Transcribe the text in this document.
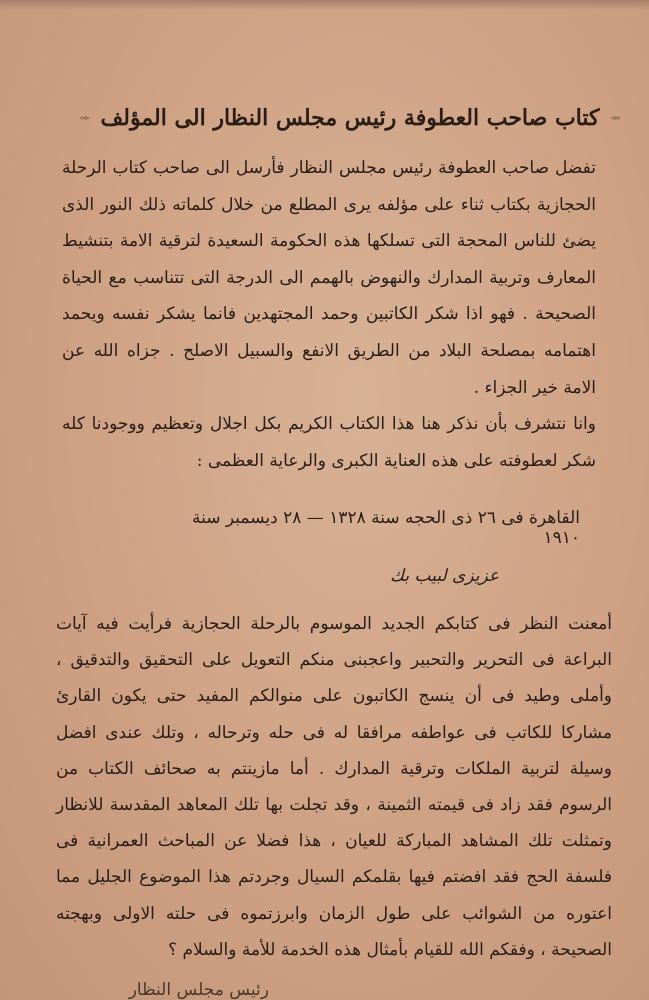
كتاب صاحب العطوفة رئيس مجلس النظار الى المؤلف

تفضل صاحب العطوفة رئيس مجلس النظار فأرسل الى صاحب كتاب الرحلة الحجازية بكتاب ثناء على مؤلفه يرى المطلع من خلال كلماته ذلك النور الذى يضئ للناس المحجة التى تسلكها هذه الحكومة السعيدة لترقية الامة بتنشيط المعارف وتربية المدارك والنهوض بالهمم الى الدرجة التى تتناسب مع الحياة الصحيحة . فهو اذا شكر الكاتبين وحمد المجتهدين فانما يشكر نفسه ويحمد اهتمامه بمصلحة البلاد من الطريق الانفع والسبيل الاصلح . جزاه الله عن الامة خير الجزاء .

وانا نتشرف بأن نذكر هنا هذا الكتاب الكريم بكل اجلال وتعظيم ووجودنا كله شكر لعطوفته على هذه العناية الكبرى والرعاية العظمى :

القاهرة فى ٢٦ ذى الحجه سنة ١٣٢٨ — ٢٨ ديسمبر سنة ١٩١٠
عزيزى لبيب بك

أمعنت النظر فى كتابكم الجديد الموسوم بالرحلة الحجازية فرأيت فيه آيات البراعة فى التحرير والتحبير واعجبنى منكم التعويل على التحقيق والتدقيق ، وأملى وطيد فى أن ينسج الكاتبون على منوالكم المفيد حتى يكون القارئ مشاركا للكاتب فى عواطفه مرافقا له فى حله وترحاله ، وتلك عندى افضل وسيلة لتربية الملكات وترقية المدارك . أما مازينتم به صحائف الكتاب من الرسوم فقد زاد فى قيمته الثمينة ، وقد تجلت بها تلك المعاهد المقدسة للانظار وتمثلت تلك المشاهد المباركة للعيان ، هذا فضلا عن المباحث العمرانية فى فلسفة الحج فقد افضتم فيها بقلمكم السيال وجردتم هذا الموضوع الجليل مما اعتوره من الشوائب على طول الزمان وابرزتموه فى حلته الاولى وبهجته الصحيحة ، وفقكم الله للقيام بأمثال هذه الخدمة للأمة والسلام ؟

رئيس مجلس النظار
